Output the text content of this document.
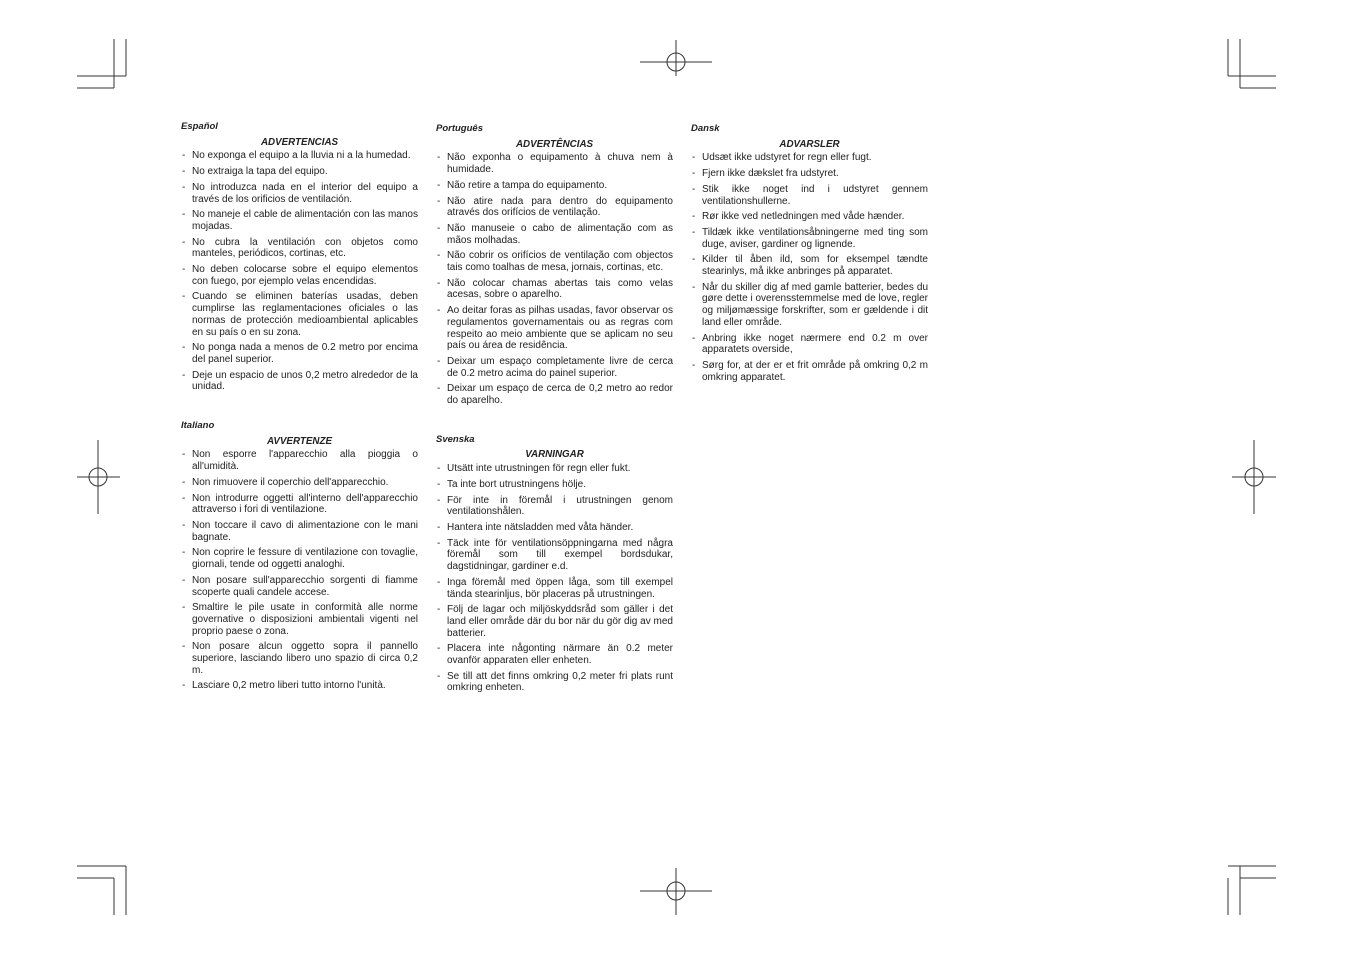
Español
ADVERTENCIAS
- No exponga el equipo a la lluvia ni a la humedad.
- No extraiga la tapa del equipo.
- No introduzca nada en el interior del equipo a través de los orificios de ventilación.
- No maneje el cable de alimentación con las manos mojadas.
- No cubra la ventilación con objetos como manteles, periódicos, cortinas, etc.
- No deben colocarse sobre el equipo elementos con fuego, por ejemplo velas encendidas.
- Cuando se eliminen baterías usadas, deben cumplirse las reglamentaciones oficiales o las normas de protección medioambiental aplicables en su país o en su zona.
- No ponga nada a menos de 0.2 metro por encima del panel superior.
- Deje un espacio de unos 0,2 metro alrededor de la unidad.
Italiano
AVVERTENZE
- Non esporre l'apparecchio alla pioggia o all'umidità.
- Non rimuovere il coperchio dell'apparecchio.
- Non introdurre oggetti all'interno dell'apparecchio attraverso i fori di ventilazione.
- Non toccare il cavo di alimentazione con le mani bagnate.
- Non coprire le fessure di ventilazione con tovaglie, giornali, tende od oggetti analoghi.
- Non posare sull'apparecchio sorgenti di fiamme scoperte quali candele accese.
- Smaltire le pile usate in conformità alle norme governative o disposizioni ambientali vigenti nel proprio paese o zona.
- Non posare alcun oggetto sopra il pannello superiore, lasciando libero uno spazio di circa 0,2 m.
- Lasciare 0,2 metro liberi tutto intorno l'unità.
Português
ADVERTÊNCIAS
- Não exponha o equipamento à chuva nem à humidade.
- Não retire a tampa do equipamento.
- Não atire nada para dentro do equipamento através dos orifícios de ventilação.
- Não manuseie o cabo de alimentação com as mãos molhadas.
- Não cobrir os orifícios de ventilação com objectos tais como toalhas de mesa, jornais, cortinas, etc.
- Não colocar chamas abertas tais como velas acesas, sobre o aparelho.
- Ao deitar foras as pilhas usadas, favor observar os regulamentos governamentais ou as regras com respeito ao meio ambiente que se aplicam no seu país ou área de residência.
- Deixar um espaço completamente livre de cerca de 0.2 metro acima do painel superior.
- Deixar um espaço de cerca de 0,2 metro ao redor do aparelho.
Svenska
VARNINGAR
- Utsätt inte utrustningen för regn eller fukt.
- Ta inte bort utrustningens hölje.
- För inte in föremål i utrustningen genom ventilationshålen.
- Hantera inte nätsladden med våta händer.
- Täck inte för ventilationsöppningarna med några föremål som till exempel bordsdukar, dagstidningar, gardiner e.d.
- Inga föremål med öppen låga, som till exempel tända stearinljus, bör placeras på utrustningen.
- Följ de lagar och miljöskyddsråd som gäller i det land eller område där du bor när du gör dig av med batterier.
- Placera inte någonting närmare än 0.2 meter ovanför apparaten eller enheten.
- Se till att det finns omkring 0,2 meter fri plats runt omkring enheten.
Dansk
ADVARSLER
- Udsæt ikke udstyret for regn eller fugt.
- Fjern ikke dækslet fra udstyret.
- Stik ikke noget ind i udstyret gennem ventilationshullerne.
- Rør ikke ved netledningen med våde hænder.
- Tildæk ikke ventilationsåbningerne med ting som duge, aviser, gardiner og lignende.
- Kilder til åben ild, som for eksempel tændte stearinlys, må ikke anbringes på apparatet.
- Når du skiller dig af med gamle batterier, bedes du gøre dette i overensstemmelse med de love, regler og miljømæssige forskrifter, som er gældende i dit land eller område.
- Anbring ikke noget nærmere end 0.2 m over apparatets overside,
- Sørg for, at der er et frit område på omkring 0,2 m omkring apparatet.
